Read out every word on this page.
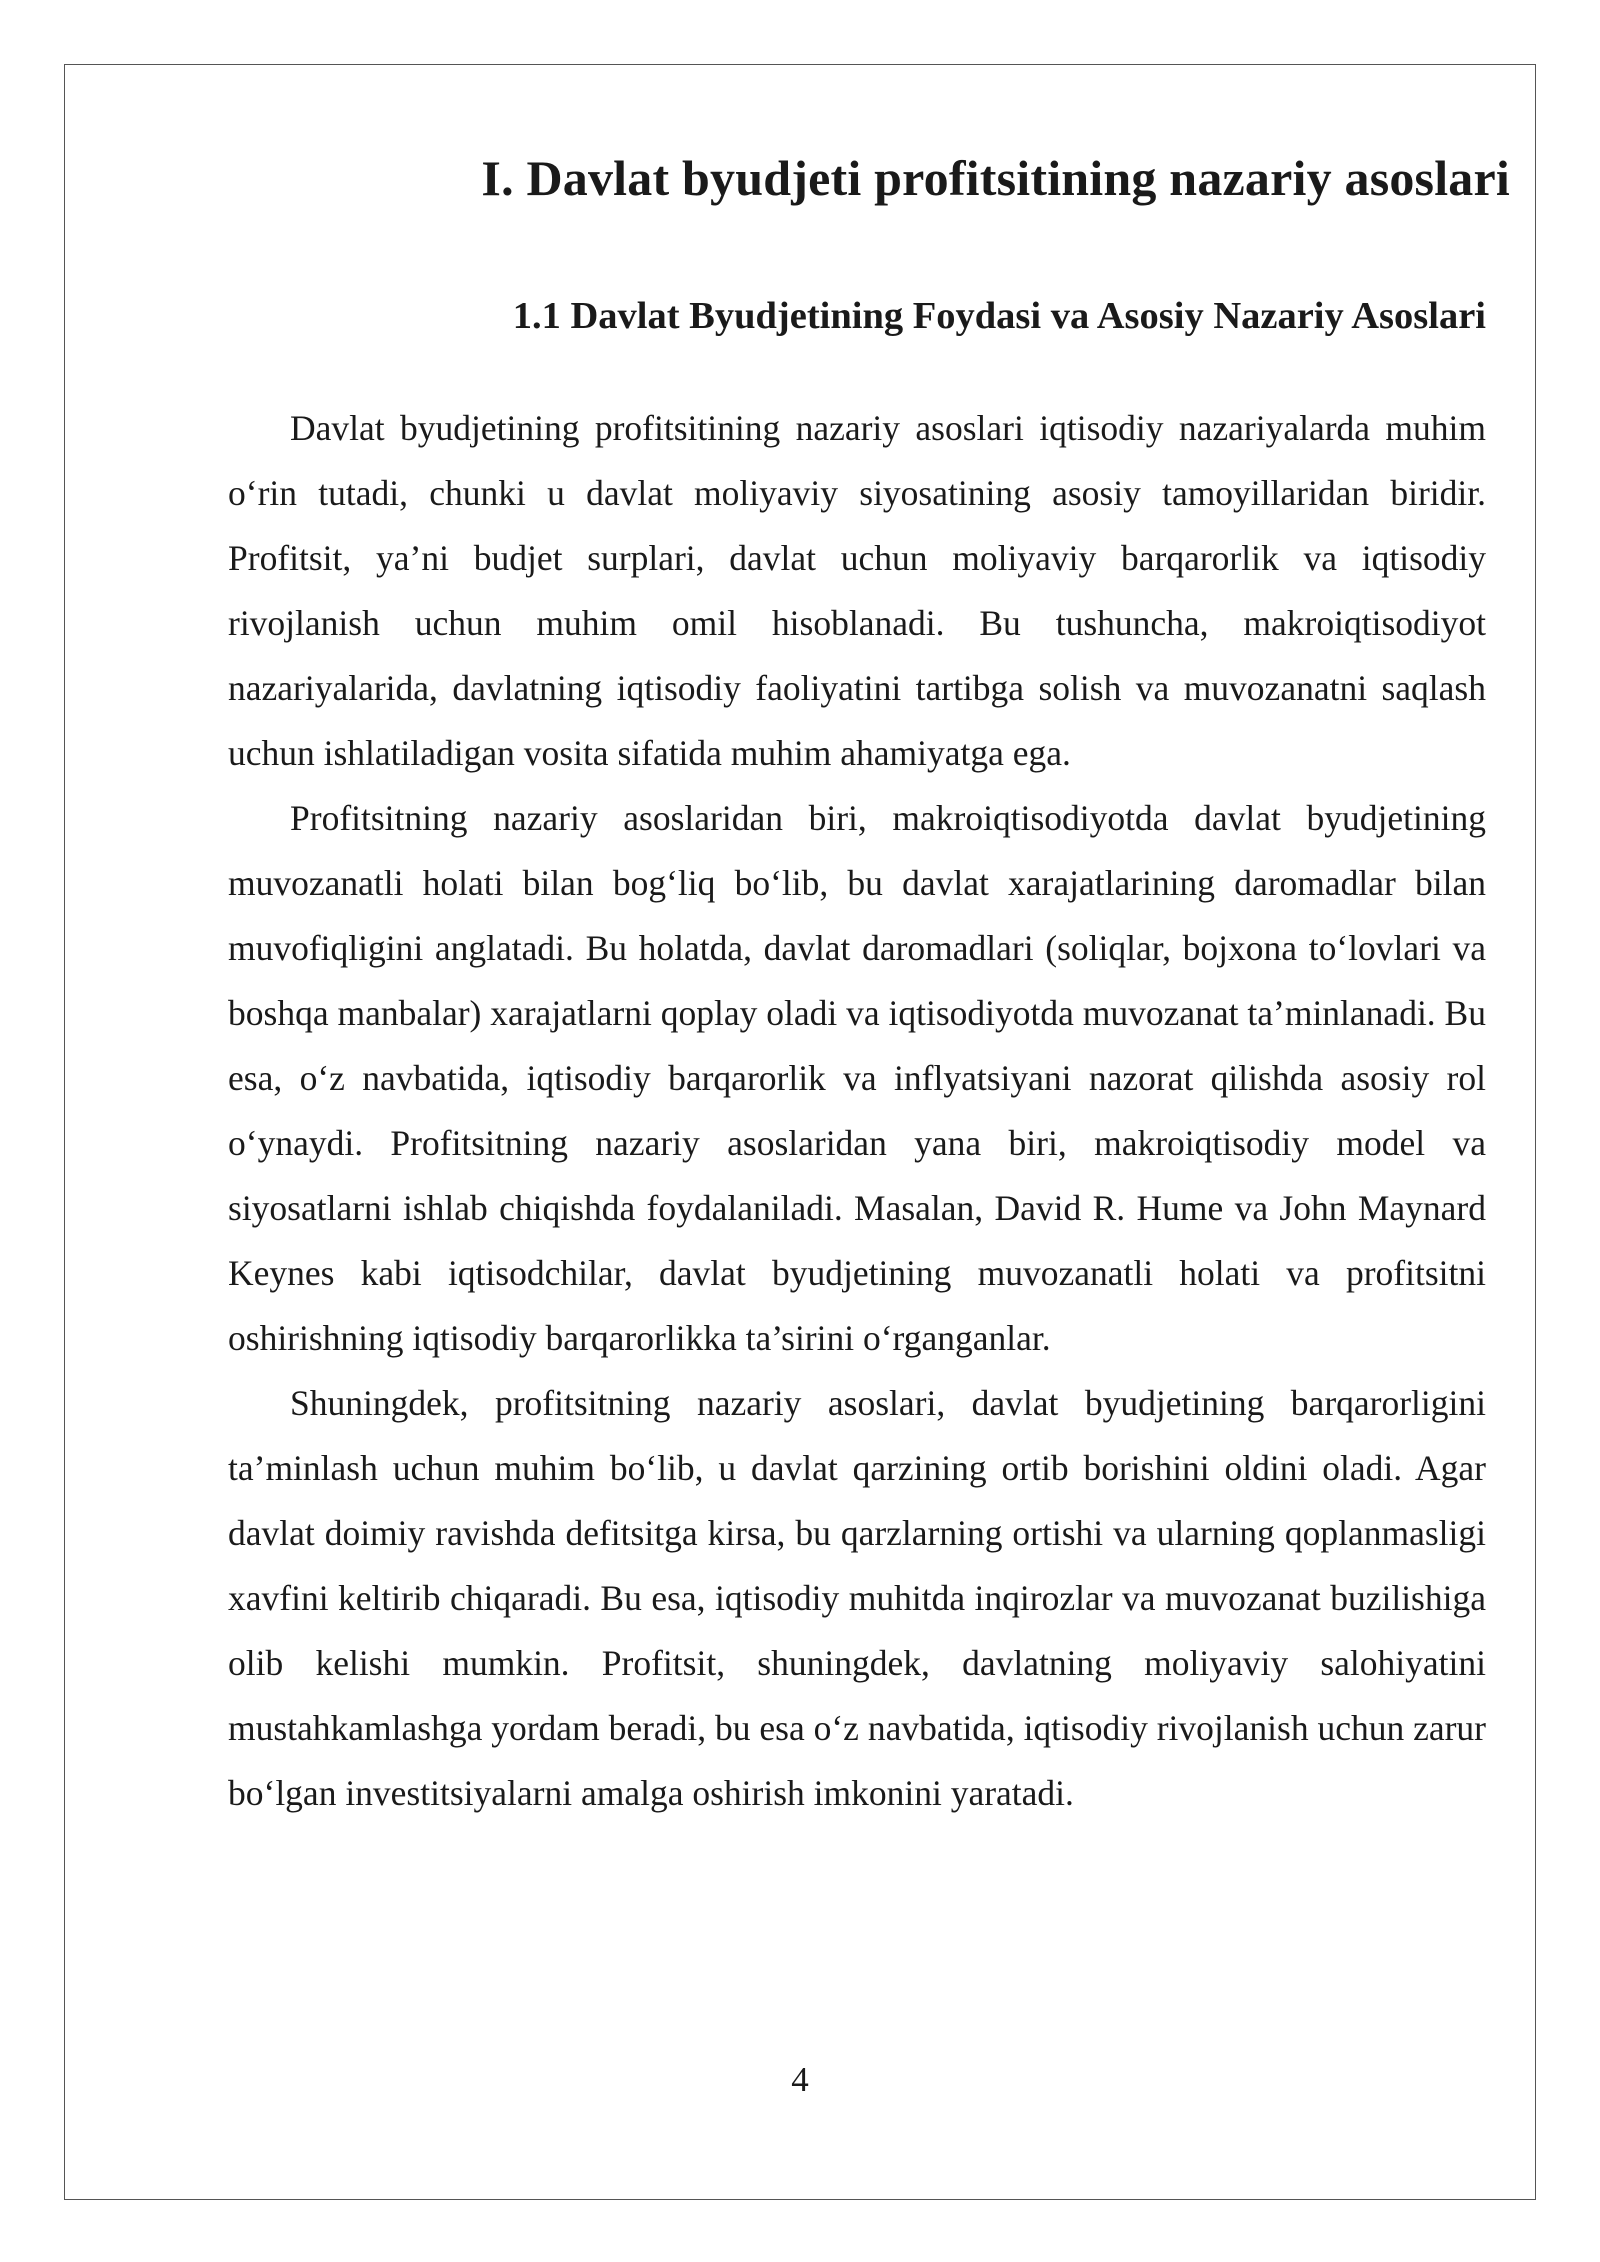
I. Davlat byudjeti profitsitining nazariy asoslari
1.1 Davlat Byudjetining Foydasi va Asosiy Nazariy Asoslari

Davlat byudjetining profitsitining nazariy asoslari iqtisodiy nazariyalarda muhim o‘rin tutadi, chunki u davlat moliyaviy siyosatining asosiy tamoyillaridan biridir. Profitsit, ya’ni budjet surplari, davlat uchun moliyaviy barqarorlik va iqtisodiy rivojlanish uchun muhim omil hisoblanadi. Bu tushuncha, makroiqtisodiyot nazariyalarida, davlatning iqtisodiy faoliyatini tartibga solish va muvozanatni saqlash uchun ishlatiladigan vosita sifatida muhim ahamiyatga ega.

Profitsitning nazariy asoslaridan biri, makroiqtisodiyotda davlat byudjetining muvozanatli holati bilan bog‘liq bo‘lib, bu davlat xarajatlarining daromadlar bilan muvofiqligini anglatadi. Bu holatda, davlat daromadlari (soliqlar, bojxona to‘lovlari va boshqa manbalar) xarajatlarni qoplay oladi va iqtisodiyotda muvozanat ta’minlanadi. Bu esa, o‘z navbatida, iqtisodiy barqarorlik va inflyatsiyani nazorat qilishda asosiy rol o‘ynaydi. Profitsitning nazariy asoslaridan yana biri, makroiqtisodiy model va siyosatlarni ishlab chiqishda foydalaniladi. Masalan, David R. Hume va John Maynard Keynes kabi iqtisodchilar, davlat byudjetining muvozanatli holati va profitsitni oshirishning iqtisodiy barqarorlikka ta’sirini o‘rganganlar.

Shuningdek, profitsitning nazariy asoslari, davlat byudjetining barqarorligini ta’minlash uchun muhim bo‘lib, u davlat qarzining ortib borishini oldini oladi. Agar davlat doimiy ravishda defitsitga kirsa, bu qarzlarning ortishi va ularning qoplanmasligi xavfini keltirib chiqaradi. Bu esa, iqtisodiy muhitda inqirozlar va muvozanat buzilishiga olib kelishi mumkin. Profitsit, shuningdek, davlatning moliyaviy salohiyatini mustahkamlashga yordam beradi, bu esa o‘z navbatida, iqtisodiy rivojlanish uchun zarur bo‘lgan investitsiyalarni amalga oshirish imkonini yaratadi.

4
